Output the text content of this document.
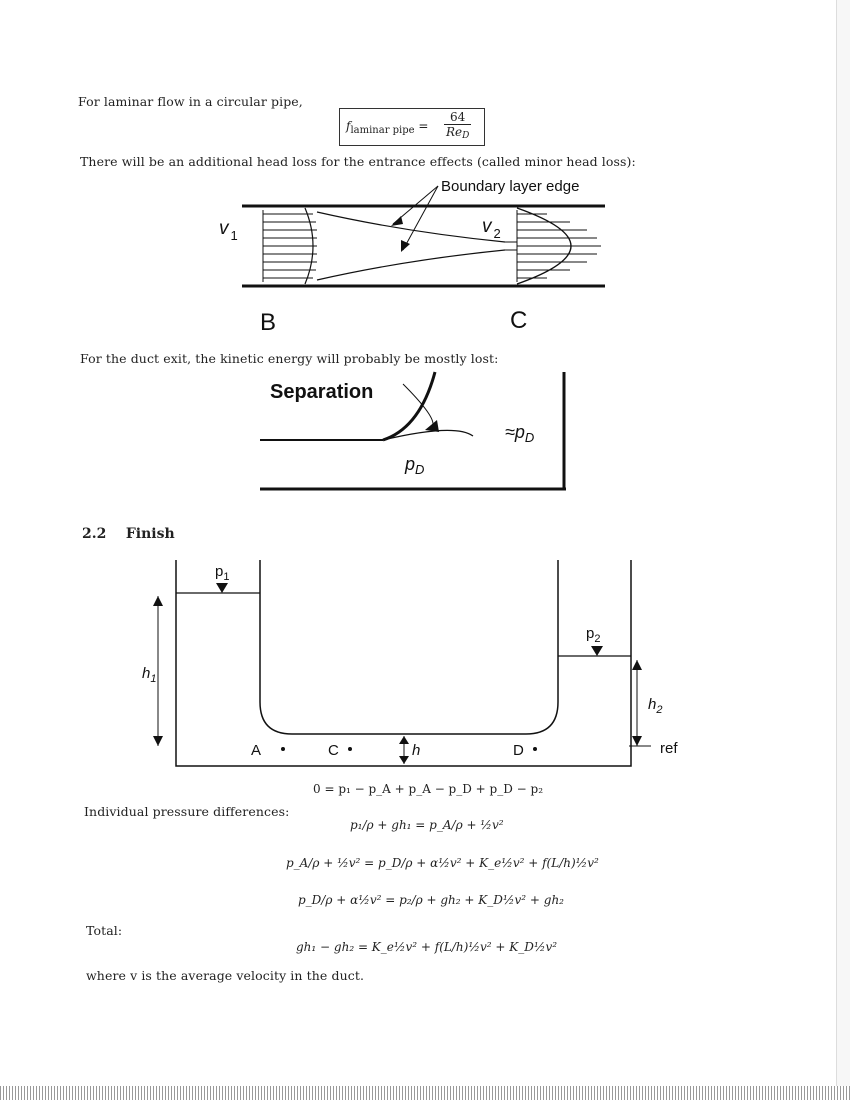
For laminar flow in a circular pipe,
$f_{laminar pipe} = \frac{64}{\text{ReD}}$
There will be an additional head loss for the entrance effects (called minor head loss):
Boundary layer edge
v $_1$	v $_2$
B	C
For the duct exit, the kinetic energy will probably be mostly lost:
Separation
$\approx p_D$
$p_D$
2.2 Finish
$p_1$
$p_2$
$h_1$
$h_2$
h
A	C	D	ref
0 = p₁ − p_A + p_A − p_D + p_D − p₂
Individual pressure differences:
p₁/ρ + gh₁ = p_A/ρ + ½v²
p_A/ρ + ½v² = p_D/ρ + α½v² + K_e½v² + f(L/h)½v²
p_D/ρ + α½v² = p₂/ρ + gh₂ + K_D½v² + gh₂
Total:
gh₁ − gh₂ = K_e½v² + f(L/h)½v² + K_D½v²
where v is the average velocity in the duct.
